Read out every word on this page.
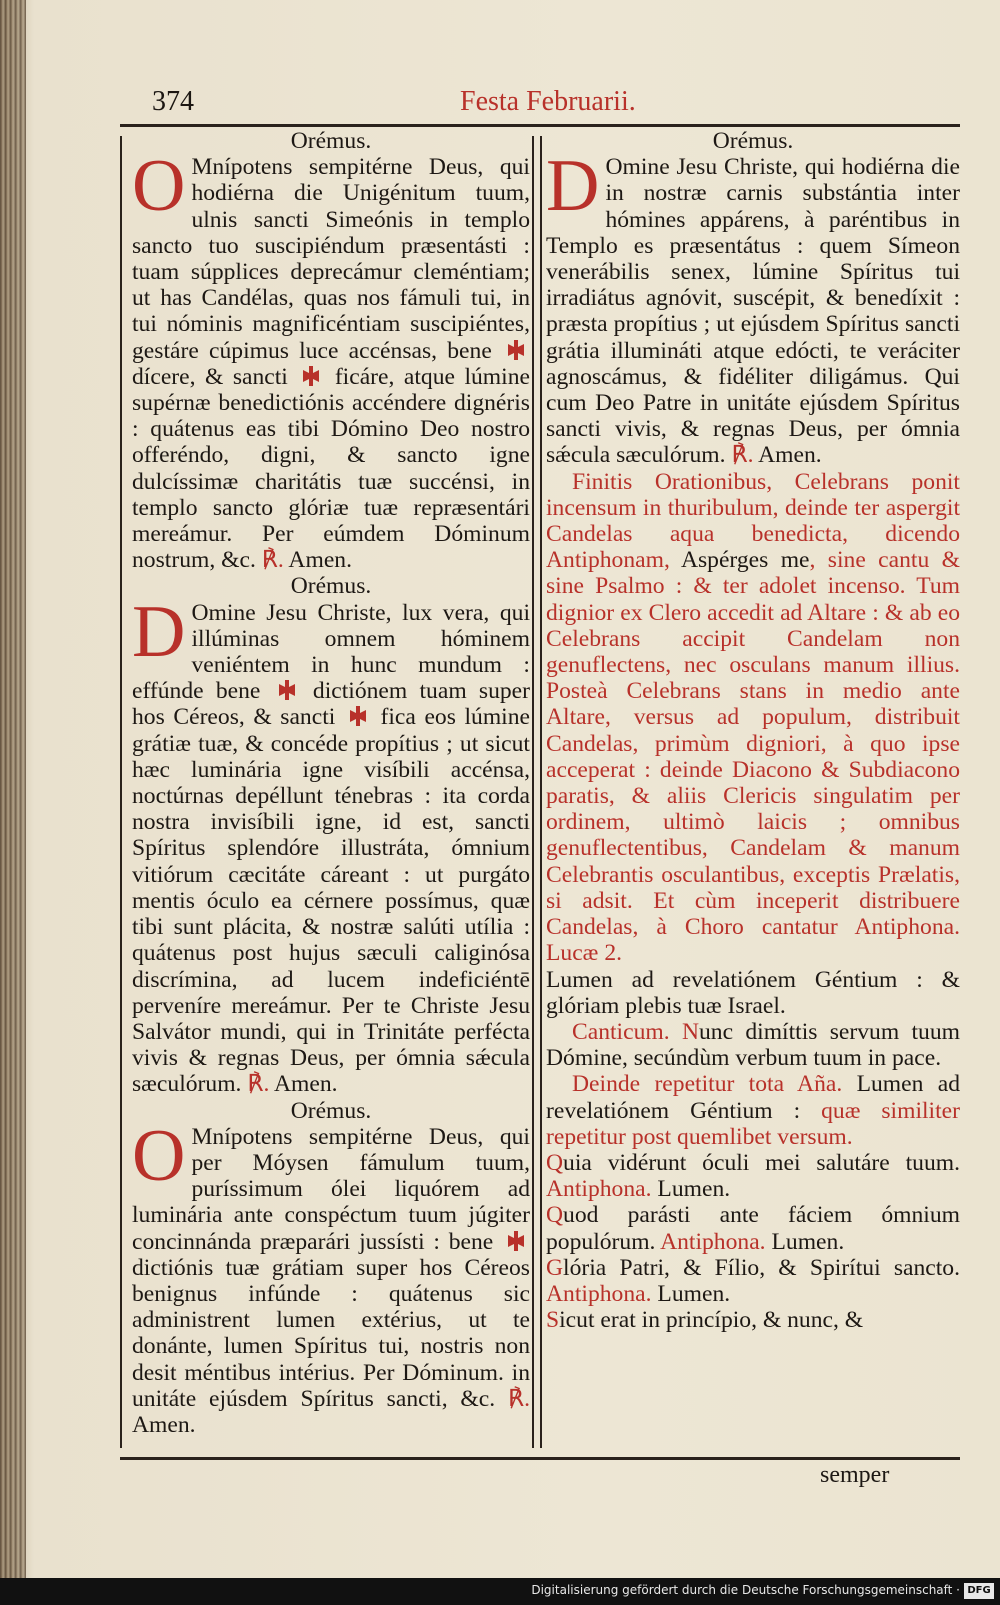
374	Festa Februarii.

Orémus.

O Mnípotens sempitérne Deus, qui hodiérna die Unigénitum tuum, ulnis sancti Simeónis in templo sancto tuo suscipiéndum præsentásti : tuam súpplices deprecámur cleméntiam; ut has Candélas, quas nos fámuli tui, in tui nóminis magnificéntiam suscipiéntes, gestáre cúpimus luce accénsas, bene  dícere, & sancti ficáre, atque lúmine supérnæ benedictiónis accéndere dignéris : quátenus eas tibi Dómino Deo nostro offeréndo, digni, & sancto igne dulcíssimæ charitátis tuæ succénsi, in templo sancto glóriæ tuæ repræsentári mereámur. Per eúmdem Dóminum nostrum, &c. ℟. Amen.

Orémus.

D Omine Jesu Christe, lux vera, qui illúminas omnem hóminem veniéntem in hunc mundum : effúnde bene dictiónem tuam super hos Céreos, & sancti fica eos lúmine grátiæ tuæ, & concéde propítius ; ut sicut hæc luminária igne visíbili accénsa, noctúrnas depéllunt ténebras : ita corda nostra invisíbili igne, id est, sancti Spíritus splendóre illustráta, ómnium vitiórum cæcitáte cáreant : ut purgáto mentis óculo ea cérnere possímus, quæ tibi sunt plácita, & nostræ salúti utília : quátenus post hujus sæculi caliginósa discrímina, ad lucem indeficiéntē perveníre mereámur. Per te Christe Jesu Salvátor mundi, qui in Trinitáte perfécta vivis & regnas Deus, per ómnia sǽcula sæculórum. ℟. Amen.

Orémus.

O Mnípotens sempitérne Deus, qui per Móysen fámulum tuum, puríssimum ólei liquórem ad luminária ante conspéctum tuum júgiter concinnánda præparári jussísti : bene  dictiónis tuæ grátiam super hos Céreos benignus infúnde : quátenus sic administrent lumen extérius, ut te donánte, lumen Spíritus tui, nostris non desit méntibus intérius. Per Dóminum. in unitáte ejúsdem Spíritus sancti, &c. ℟. Amen.

Orémus.

D Omine Jesu Christe, qui hodiérna die in nostræ carnis substántia inter hómines appárens, à paréntibus in Templo es præsentátus : quem Símeon venerábilis senex, lúmine Spíritus tui irradiátus agnóvit, suscépit, & benedíxit : præsta propítius ; ut ejúsdem Spíritus sancti grátia illumináti atque edócti, te veráciter agnoscámus, & fidéliter diligámus. Qui cum Deo Patre in unitáte ejúsdem Spíritus sancti vivis, & regnas Deus, per ómnia sǽcula sæculórum. ℟. Amen.

Finitis Orationibus, Celebrans ponit incensum in thuribulum, deinde ter aspergit Candelas aqua benedicta, dicendo Antiphonam, Aspérges me, sine cantu & sine Psalmo : & ter adolet incenso. Tum dignior ex Clero accedit ad Altare : & ab eo Celebrans accipit Candelam non genuflectens, nec osculans manum illius. Posteà Celebrans stans in medio ante Altare, versus ad populum, distribuit Candelas, primùm digniori, à quo ipse acceperat : deinde Diacono & Subdiacono paratis, & aliis Clericis singulatim per ordinem, ultimò laicis ; omnibus genuflectentibus, Candelam & manum Celebrantis osculantibus, exceptis Prælatis, si adsit. Et cùm inceperit distribuere Candelas, à Choro cantatur Antiphona. Lucæ 2.

Lumen ad revelatiónem Géntium : & glóriam plebis tuæ Israel.

Canticum. Nunc dimíttis servum tuum Dómine, secúndùm verbum tuum in pace.

Deinde repetitur tota Aña. Lumen ad revelatiónem Géntium : quæ similiter repetitur post quemlibet versum.

Quia vidérunt óculi mei salutáre tuum. Antiphona. Lumen.

Quod parásti ante fáciem ómnium populórum. Antiphona. Lumen.

Glória Patri, & Fílio, & Spirítui sancto. Antiphona. Lumen.

Sicut erat in princípio, & nunc, &

semper
Digitalisierung gefördert durch die Deutsche Forschungsgemeinschaft · DFG
